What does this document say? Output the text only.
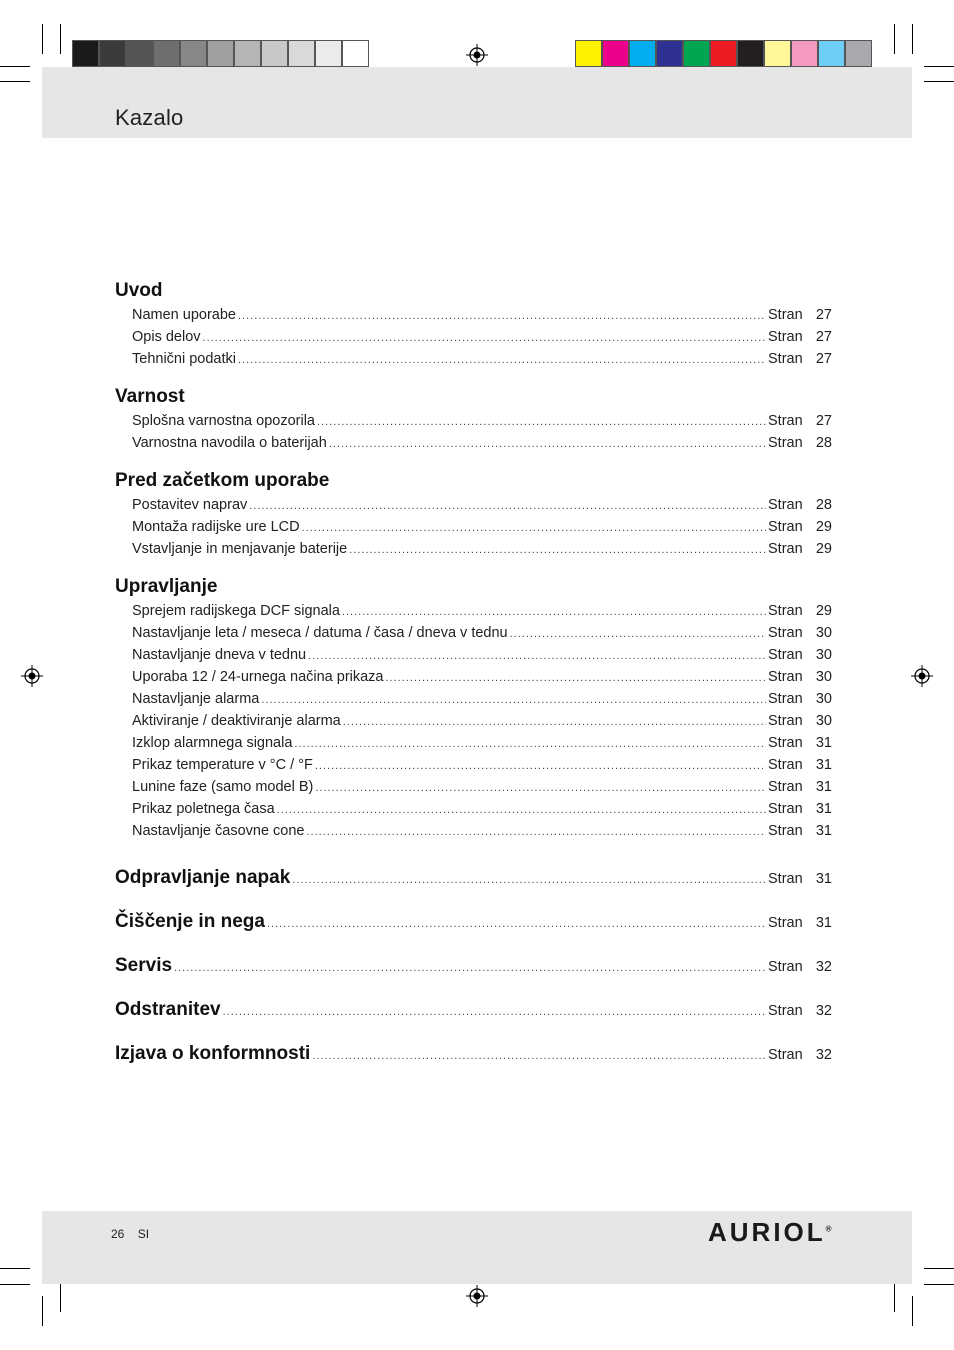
Kazalo
Uvod
Namen uporabe .....	Stran 27
Opis delov .....	Stran 27
Tehnični podatki .....	Stran 27
Varnost
Splošna varnostna opozorila .....	Stran 27
Varnostna navodila o baterijah .....	Stran 28
Pred začetkom uporabe
Postavitev naprav .....	Stran 28
Montaža radijske ure LCD .....	Stran 29
Vstavljanje in menjavanje baterije .....	Stran 29
Upravljanje
Sprejem radijskega DCF signala .....	Stran 29
Nastavljanje leta / meseca / datuma / časa / dneva v tednu .....	Stran 30
Nastavljanje dneva v tednu .....	Stran 30
Uporaba 12 / 24-urnega načina prikaza .....	Stran 30
Nastavljanje alarma .....	Stran 30
Aktiviranje / deaktiviranje alarma .....	Stran 30
Izklop alarmnega signala .....	Stran 31
Prikaz temperature v °C / °F .....	Stran 31
Lunine faze (samo model B) .....	Stran 31
Prikaz poletnega časa .....	Stran 31
Nastavljanje časovne cone .....	Stran 31
Odpravljanje napak .....	Stran 31
Čiščenje in nega .....	Stran 31
Servis .....	Stran 32
Odstranitev .....	Stran 32
Izjava o konformnosti .....	Stran 32
26 SI	AURIOL®
